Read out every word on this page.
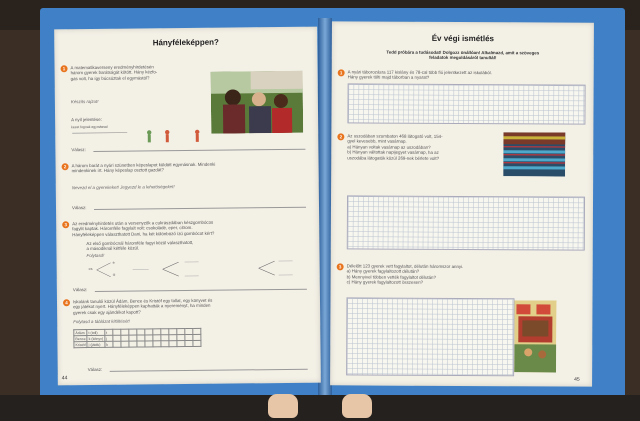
Hányféleképpen?
1	A matematikaverseny eredményhirdetésén
három gyerek barátságát kötött. Hány kézfo-
gás volt, ha így búcsúztak el egymástól?
Készíts rajzot!
A nyíl jelentése:
kezet fognak egymással
Válasz:
2	A három barát a nyári szünetben képeslapot küldött egymásnak. Mindenki
mindenkinek írt. Hány képeslap osztott gazdát?
Nevezd el a gyerekeket! Jegyezd le a lehetőségeket!
Válasz:
3	Az eredményhirdetés után a versenyzők a cukrászdában készgombócos
fagylit kaptak. Háromféle fagylalt volt: csokoládé, eper, citrom.
Hányféleképpen választhatott Dani, ha két különböző ízű gombócot kért?
Az első gombócnál háromféle fagyi közül választhatott,
a másodiknál kétféle közül.
Folytasd!
cs
e
ci
Válasz:
4	Iskolánk tanulói közül Ádám, Bence és Kristóf egy tollat, egy könyvet és
egy játékot nyert. Hányféleképpen kaphatták a nyereményt, ha minden
gyerek csak egy ajándékot kapott?
Folytasd a táblázat kitöltését!
Ádám	t (toll)	t											
Bence	k (könyv)	j											
Kristóf	j (játék)	k											
Válasz:
44
Év végi ismétlés
Tedd próbára a tudásodat! Dolgozz önállóan! Alkalmazd, amit a szöveges
feladatok megoldásáról tanultál!
1	A nyári táborozásra 117 kislány és 78-cal több fiú jelentkezett az iskolából.
Hány gyerek tölti majd táborban a nyarat?
2	Az uszodában szombaton 468 látogató volt, 154-
gyel kevesebb, mint vasárnap.
a) Hányan voltak vasárnap az uszodában?
b) Hányan váltottak napijegyet vasárnap, ha az
uszodába látogatók közül 269-nek bérlete volt?
3	Délelőtt 123 gyerek vett fagylaltot, délután háromszor annyi.
a) Hány gyerek fagylaltozott délután?
b) Mennyivel többen vették fagylaltot délután?
c) Hány gyerek fagylaltozott összesen?
45
